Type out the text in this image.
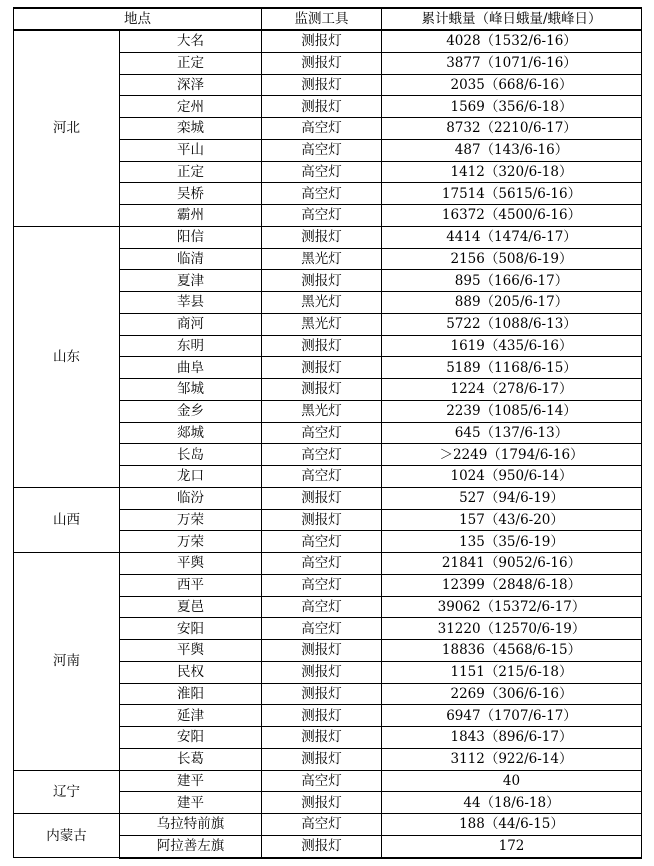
地点		监测工具	累计蛾量（峰日蛾量/蛾峰日）
河北	大名	测报灯	4028（1532/6-16）
	正定	测报灯	3877（1071/6-16）
	深泽	测报灯	2035（668/6-16）
	定州	测报灯	1569（356/6-18）
	栾城	高空灯	8732（2210/6-17）
	平山	高空灯	487（143/6-16）
	正定	高空灯	1412（320/6-18）
	吴桥	高空灯	17514（5615/6-16）
	霸州	高空灯	16372（4500/6-16）
山东	阳信	测报灯	4414（1474/6-17）
	临清	黑光灯	2156（508/6-19）
	夏津	测报灯	895（166/6-17）
	莘县	黑光灯	889（205/6-17）
	商河	黑光灯	5722（1088/6-13）
	东明	测报灯	1619（435/6-16）
	曲阜	测报灯	5189（1168/6-15）
	邹城	测报灯	1224（278/6-17）
	金乡	黑光灯	2239（1085/6-14）
	郯城	高空灯	645（137/6-13）
	长岛	高空灯	＞2249（1794/6-16）
	龙口	高空灯	1024（950/6-14）
山西	临汾	测报灯	527（94/6-19）
	万荣	测报灯	157（43/6-20）
	万荣	高空灯	135（35/6-19）
河南	平舆	高空灯	21841（9052/6-16）
	西平	高空灯	12399（2848/6-18）
	夏邑	高空灯	39062（15372/6-17）
	安阳	高空灯	31220（12570/6-19）
	平舆	测报灯	18836（4568/6-15）
	民权	测报灯	1151（215/6-18）
	淮阳	测报灯	2269（306/6-16）
	延津	测报灯	6947（1707/6-17）
	安阳	测报灯	1843（896/6-17）
	长葛	测报灯	3112（922/6-14）
辽宁	建平	高空灯	40
	建平	测报灯	44（18/6-18）
内蒙古	乌拉特前旗	高空灯	188（44/6-15）
	阿拉善左旗	测报灯	172
